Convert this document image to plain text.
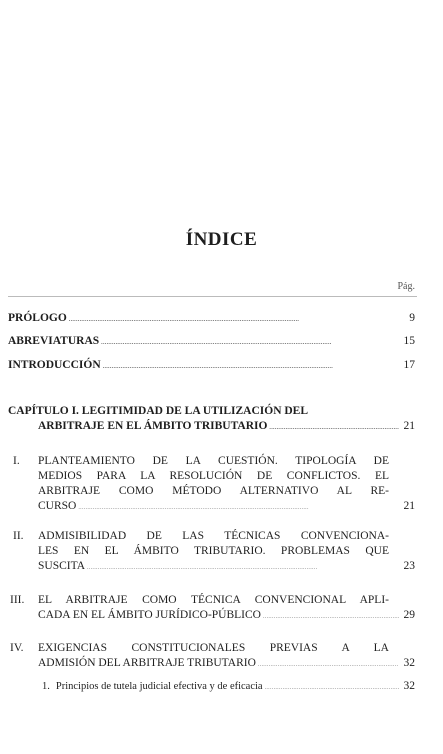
ÍNDICE
Pág.
PRÓLOGO . . .	9
ABREVIATURAS . . .	15
INTRODUCCIÓN . . .	17

CAPÍTULO I. LEGITIMIDAD DE LA UTILIZACIÓN DEL

ARBITRAJE EN EL ÁMBITO TRIBUTARIO . . .	21
I. PLANTEAMIENTO DE LA CUESTIÓN. TIPOLOGÍA DE

MEDIOS PARA LA RESOLUCIÓN DE CONFLICTOS. EL

ARBITRAJE COMO MÉTODO ALTERNATIVO AL RE-

CURSO . . .	21
II. ADMISIBILIDAD DE LAS TÉCNICAS CONVENCIONA-

LES EN EL ÁMBITO TRIBUTARIO. PROBLEMAS QUE

SUSCITA . . .	23
III. EL ARBITRAJE COMO TÉCNICA CONVENCIONAL APLI-

CADA EN EL ÁMBITO JURÍDICO-PÚBLICO . . .	29
IV. EXIGENCIAS CONSTITUCIONALES PREVIAS A LA

ADMISIÓN DEL ARBITRAJE TRIBUTARIO . . .	32
1. Principios de tutela judicial efectiva y de eficacia . . .	32
